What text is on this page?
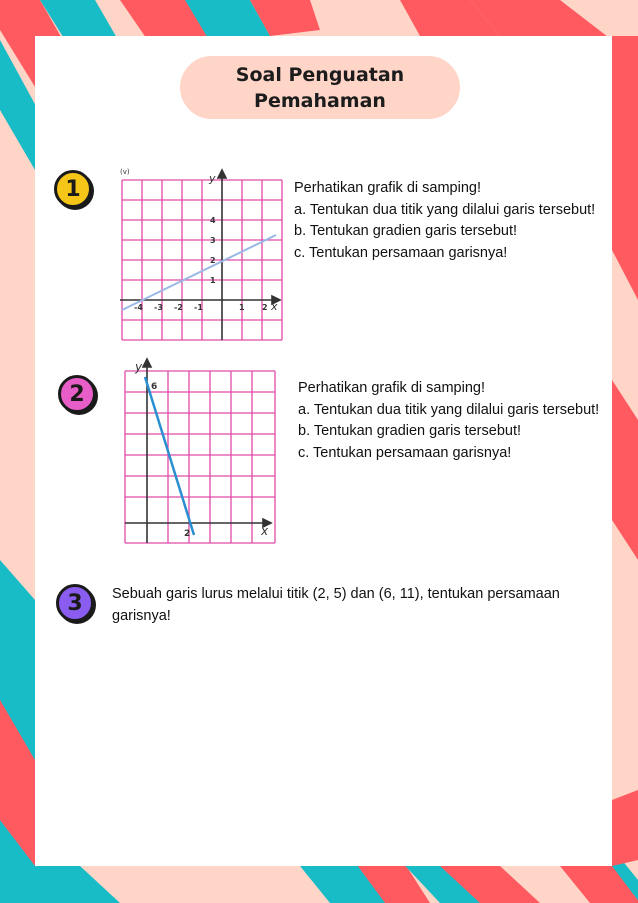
Soal Penguatan
Pemahaman
1
(v)	y
x
-4 -3 -2 -1	1 2
1
2
3
4
Perhatikan grafik di samping!
a. Tentukan dua titik yang dilalui garis tersebut!
b. Tentukan gradien garis tersebut!
c. Tentukan persamaan garisnya!
2
y
x
6
2
Perhatikan grafik di samping!
a. Tentukan dua titik yang dilalui garis tersebut!
b. Tentukan gradien garis tersebut!
c. Tentukan persamaan garisnya!
3 Sebuah garis lurus melalui titik (2, 5) dan (6, 11), tentukan persamaan garisnya!
